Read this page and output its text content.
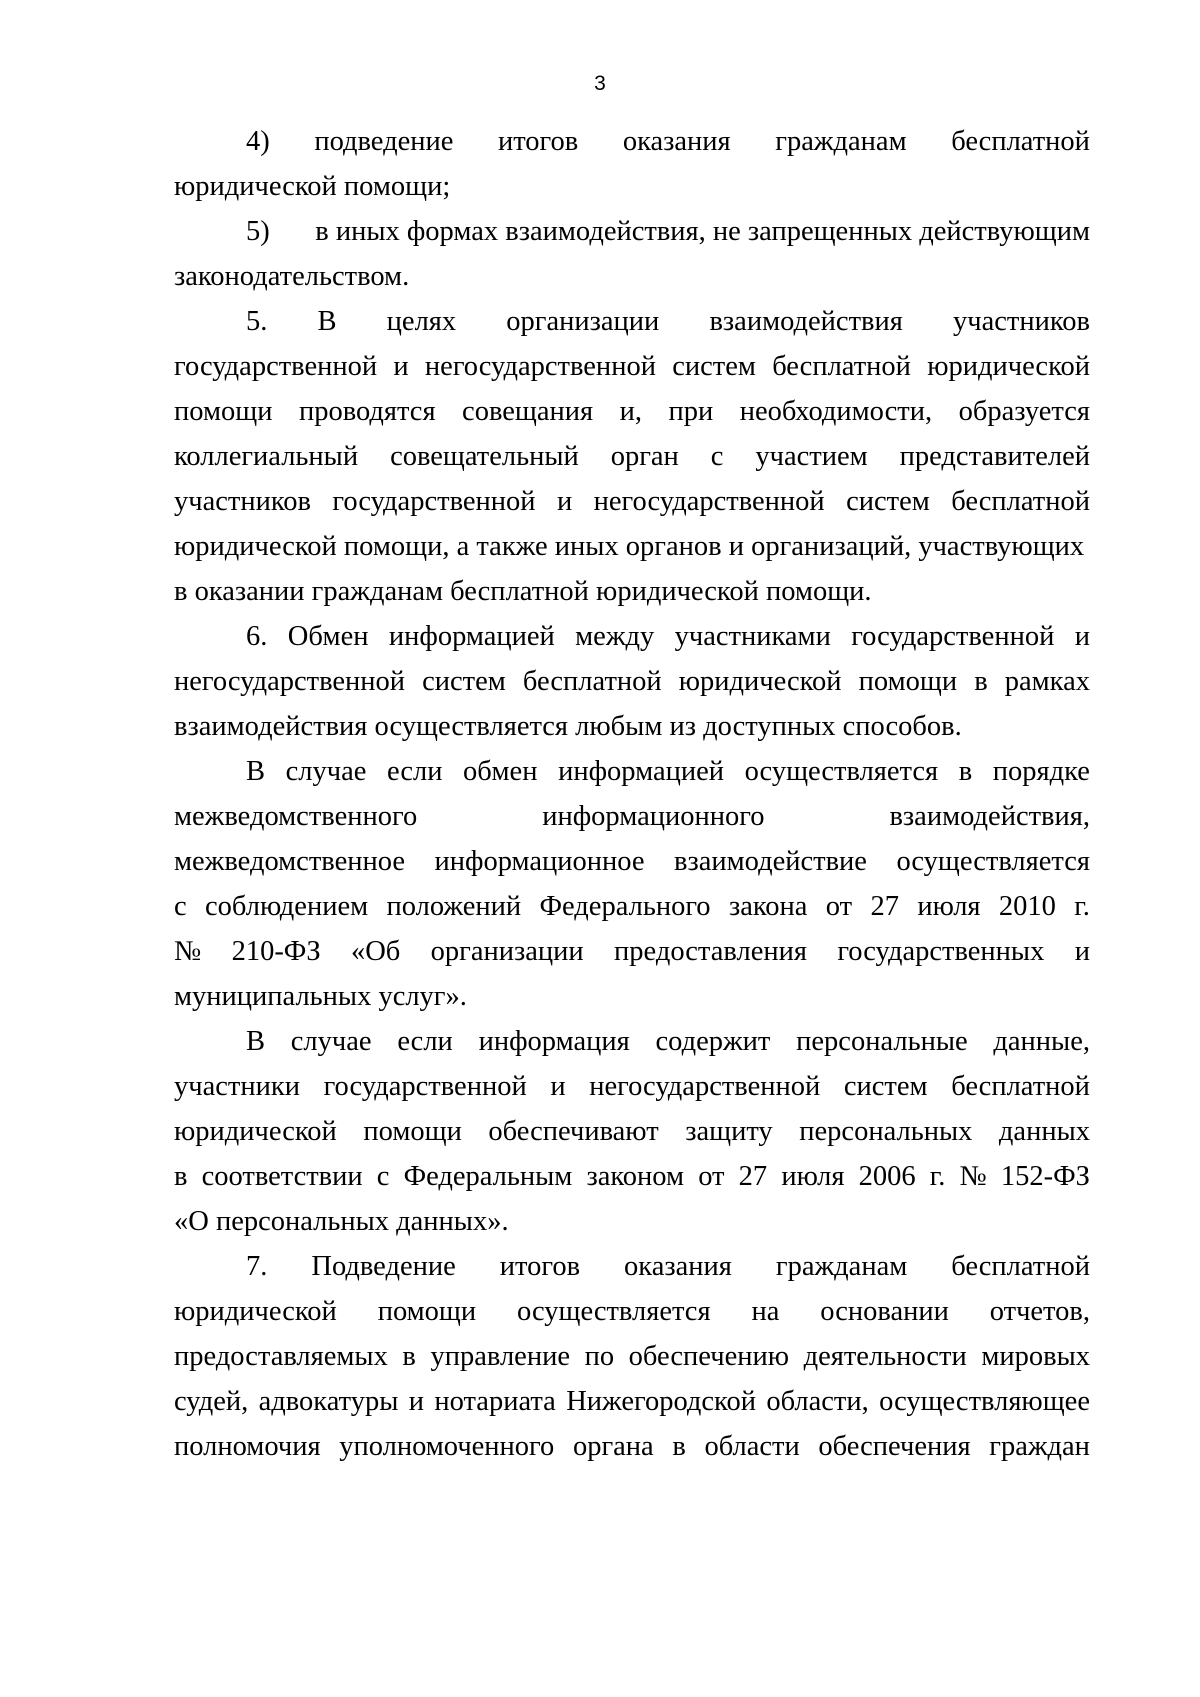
3
4) подведение итогов оказания гражданам бесплатной
юридической помощи;
5) в иных формах взаимодействия, не запрещенных действующим
законодательством.
5. В целях организации взаимодействия участников
государственной и негосударственной систем бесплатной юридической
помощи проводятся совещания и, при необходимости, образуется
коллегиальный совещательный орган с участием представителей
участников государственной и негосударственной систем бесплатной
юридической помощи, а также иных органов и организаций, участвующих
в оказании гражданам бесплатной юридической помощи.
6. Обмен информацией между участниками государственной и
негосударственной систем бесплатной юридической помощи в рамках
взаимодействия осуществляется любым из доступных способов.
В случае если обмен информацией осуществляется в порядке
межведомственного	информационного	взаимодействия,
межведомственное информационное взаимодействие осуществляется
с соблюдением положений Федерального закона от 27 июля 2010 г.
№ 210-ФЗ «Об организации предоставления государственных и
муниципальных услуг».
В случае если информация содержит персональные данные,
участники государственной и негосударственной систем бесплатной
юридической помощи обеспечивают защиту персональных данных
в соответствии с Федеральным законом от 27 июля 2006 г. № 152-ФЗ
«О персональных данных».
7. Подведение итогов оказания гражданам бесплатной
юридической помощи осуществляется на основании отчетов,
предоставляемых в управление по обеспечению деятельности мировых
судей, адвокатуры и нотариата Нижегородской области, осуществляющее
полномочия уполномоченного органа в области обеспечения граждан
